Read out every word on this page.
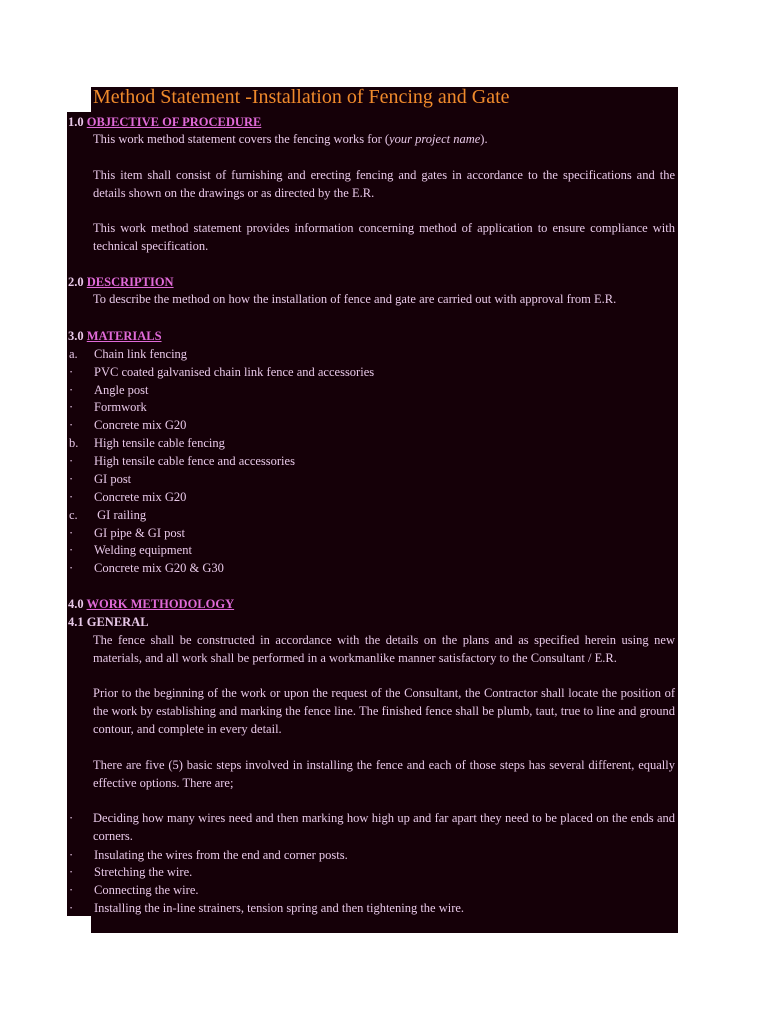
Method Statement -Installation of Fencing and Gate
1.0 OBJECTIVE OF PROCEDURE
This work method statement covers the fencing works for (your project name).
This item shall consist of furnishing and erecting fencing and gates in accordance to the specifications and the details shown on the drawings or as directed by the E.R.
This work method statement provides information concerning method of application to ensure compliance with technical specification.
2.0 DESCRIPTION
To describe the method on how the installation of fence and gate are carried out with approval from E.R.
3.0 MATERIALS
a. Chain link fencing
· PVC coated galvanised chain link fence and accessories
· Angle post
· Formwork
· Concrete mix G20
b. High tensile cable fencing
· High tensile cable fence and accessories
· GI post
· Concrete mix G20
c. GI railing
· GI pipe & GI post
· Welding equipment
· Concrete mix G20 & G30
4.0 WORK METHODOLOGY
4.1 GENERAL
The fence shall be constructed in accordance with the details on the plans and as specified herein using new materials, and all work shall be performed in a workmanlike manner satisfactory to the Consultant / E.R.
Prior to the beginning of the work or upon the request of the Consultant, the Contractor shall locate the position of the work by establishing and marking the fence line. The finished fence shall be plumb, taut, true to line and ground contour, and complete in every detail.
There are five (5) basic steps involved in installing the fence and each of those steps has several different, equally effective options. There are;
· Deciding how many wires need and then marking how high up and far apart they need to be placed on the ends and corners.
· Insulating the wires from the end and corner posts.
· Stretching the wire.
· Connecting the wire.
· Installing the in-line strainers, tension spring and then tightening the wire.
